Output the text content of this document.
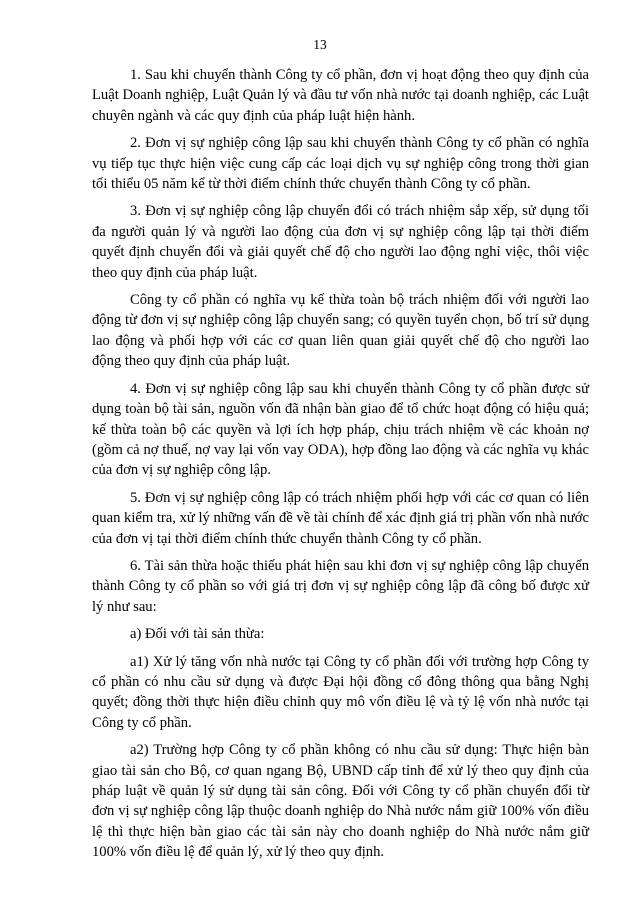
13

1. Sau khi chuyển thành Công ty cổ phần, đơn vị hoạt động theo quy định của Luật Doanh nghiệp, Luật Quản lý và đầu tư vốn nhà nước tại doanh nghiệp, các Luật chuyên ngành và các quy định của pháp luật hiện hành.

2. Đơn vị sự nghiệp công lập sau khi chuyển thành Công ty cổ phần có nghĩa vụ tiếp tục thực hiện việc cung cấp các loại dịch vụ sự nghiệp công trong thời gian tối thiểu 05 năm kể từ thời điểm chính thức chuyển thành Công ty cổ phần.

3. Đơn vị sự nghiệp công lập chuyển đổi có trách nhiệm sắp xếp, sử dụng tối đa người quản lý và người lao động của đơn vị sự nghiệp công lập tại thời điểm quyết định chuyển đổi và giải quyết chế độ cho người lao động nghỉ việc, thôi việc theo quy định của pháp luật.

Công ty cổ phần có nghĩa vụ kế thừa toàn bộ trách nhiệm đối với người lao động từ đơn vị sự nghiệp công lập chuyển sang; có quyền tuyển chọn, bố trí sử dụng lao động và phối hợp với các cơ quan liên quan giải quyết chế độ cho người lao động theo quy định của pháp luật.

4. Đơn vị sự nghiệp công lập sau khi chuyển thành Công ty cổ phần được sử dụng toàn bộ tài sản, nguồn vốn đã nhận bàn giao để tổ chức hoạt động có hiệu quả; kế thừa toàn bộ các quyền và lợi ích hợp pháp, chịu trách nhiệm về các khoản nợ (gồm cả nợ thuế, nợ vay lại vốn vay ODA), hợp đồng lao động và các nghĩa vụ khác của đơn vị sự nghiệp công lập.

5. Đơn vị sự nghiệp công lập có trách nhiệm phối hợp với các cơ quan có liên quan kiểm tra, xử lý những vấn đề về tài chính để xác định giá trị phần vốn nhà nước của đơn vị tại thời điểm chính thức chuyển thành Công ty cổ phần.

6. Tài sản thừa hoặc thiếu phát hiện sau khi đơn vị sự nghiệp công lập chuyển thành Công ty cổ phần so với giá trị đơn vị sự nghiệp công lập đã công bố được xử lý như sau:

a) Đối với tài sản thừa:

a1) Xử lý tăng vốn nhà nước tại Công ty cổ phần đối với trường hợp Công ty cổ phần có nhu cầu sử dụng và được Đại hội đồng cổ đông thông qua bằng Nghị quyết; đồng thời thực hiện điều chỉnh quy mô vốn điều lệ và tỷ lệ vốn nhà nước tại Công ty cổ phần.

a2) Trường hợp Công ty cổ phần không có nhu cầu sử dụng: Thực hiện bàn giao tài sản cho Bộ, cơ quan ngang Bộ, UBND cấp tỉnh để xử lý theo quy định của pháp luật về quản lý sử dụng tài sản công. Đối với Công ty cổ phần chuyển đổi từ đơn vị sự nghiệp công lập thuộc doanh nghiệp do Nhà nước nắm giữ 100% vốn điều lệ thì thực hiện bàn giao các tài sản này cho doanh nghiệp do Nhà nước nắm giữ 100% vốn điều lệ để quản lý, xử lý theo quy định.
